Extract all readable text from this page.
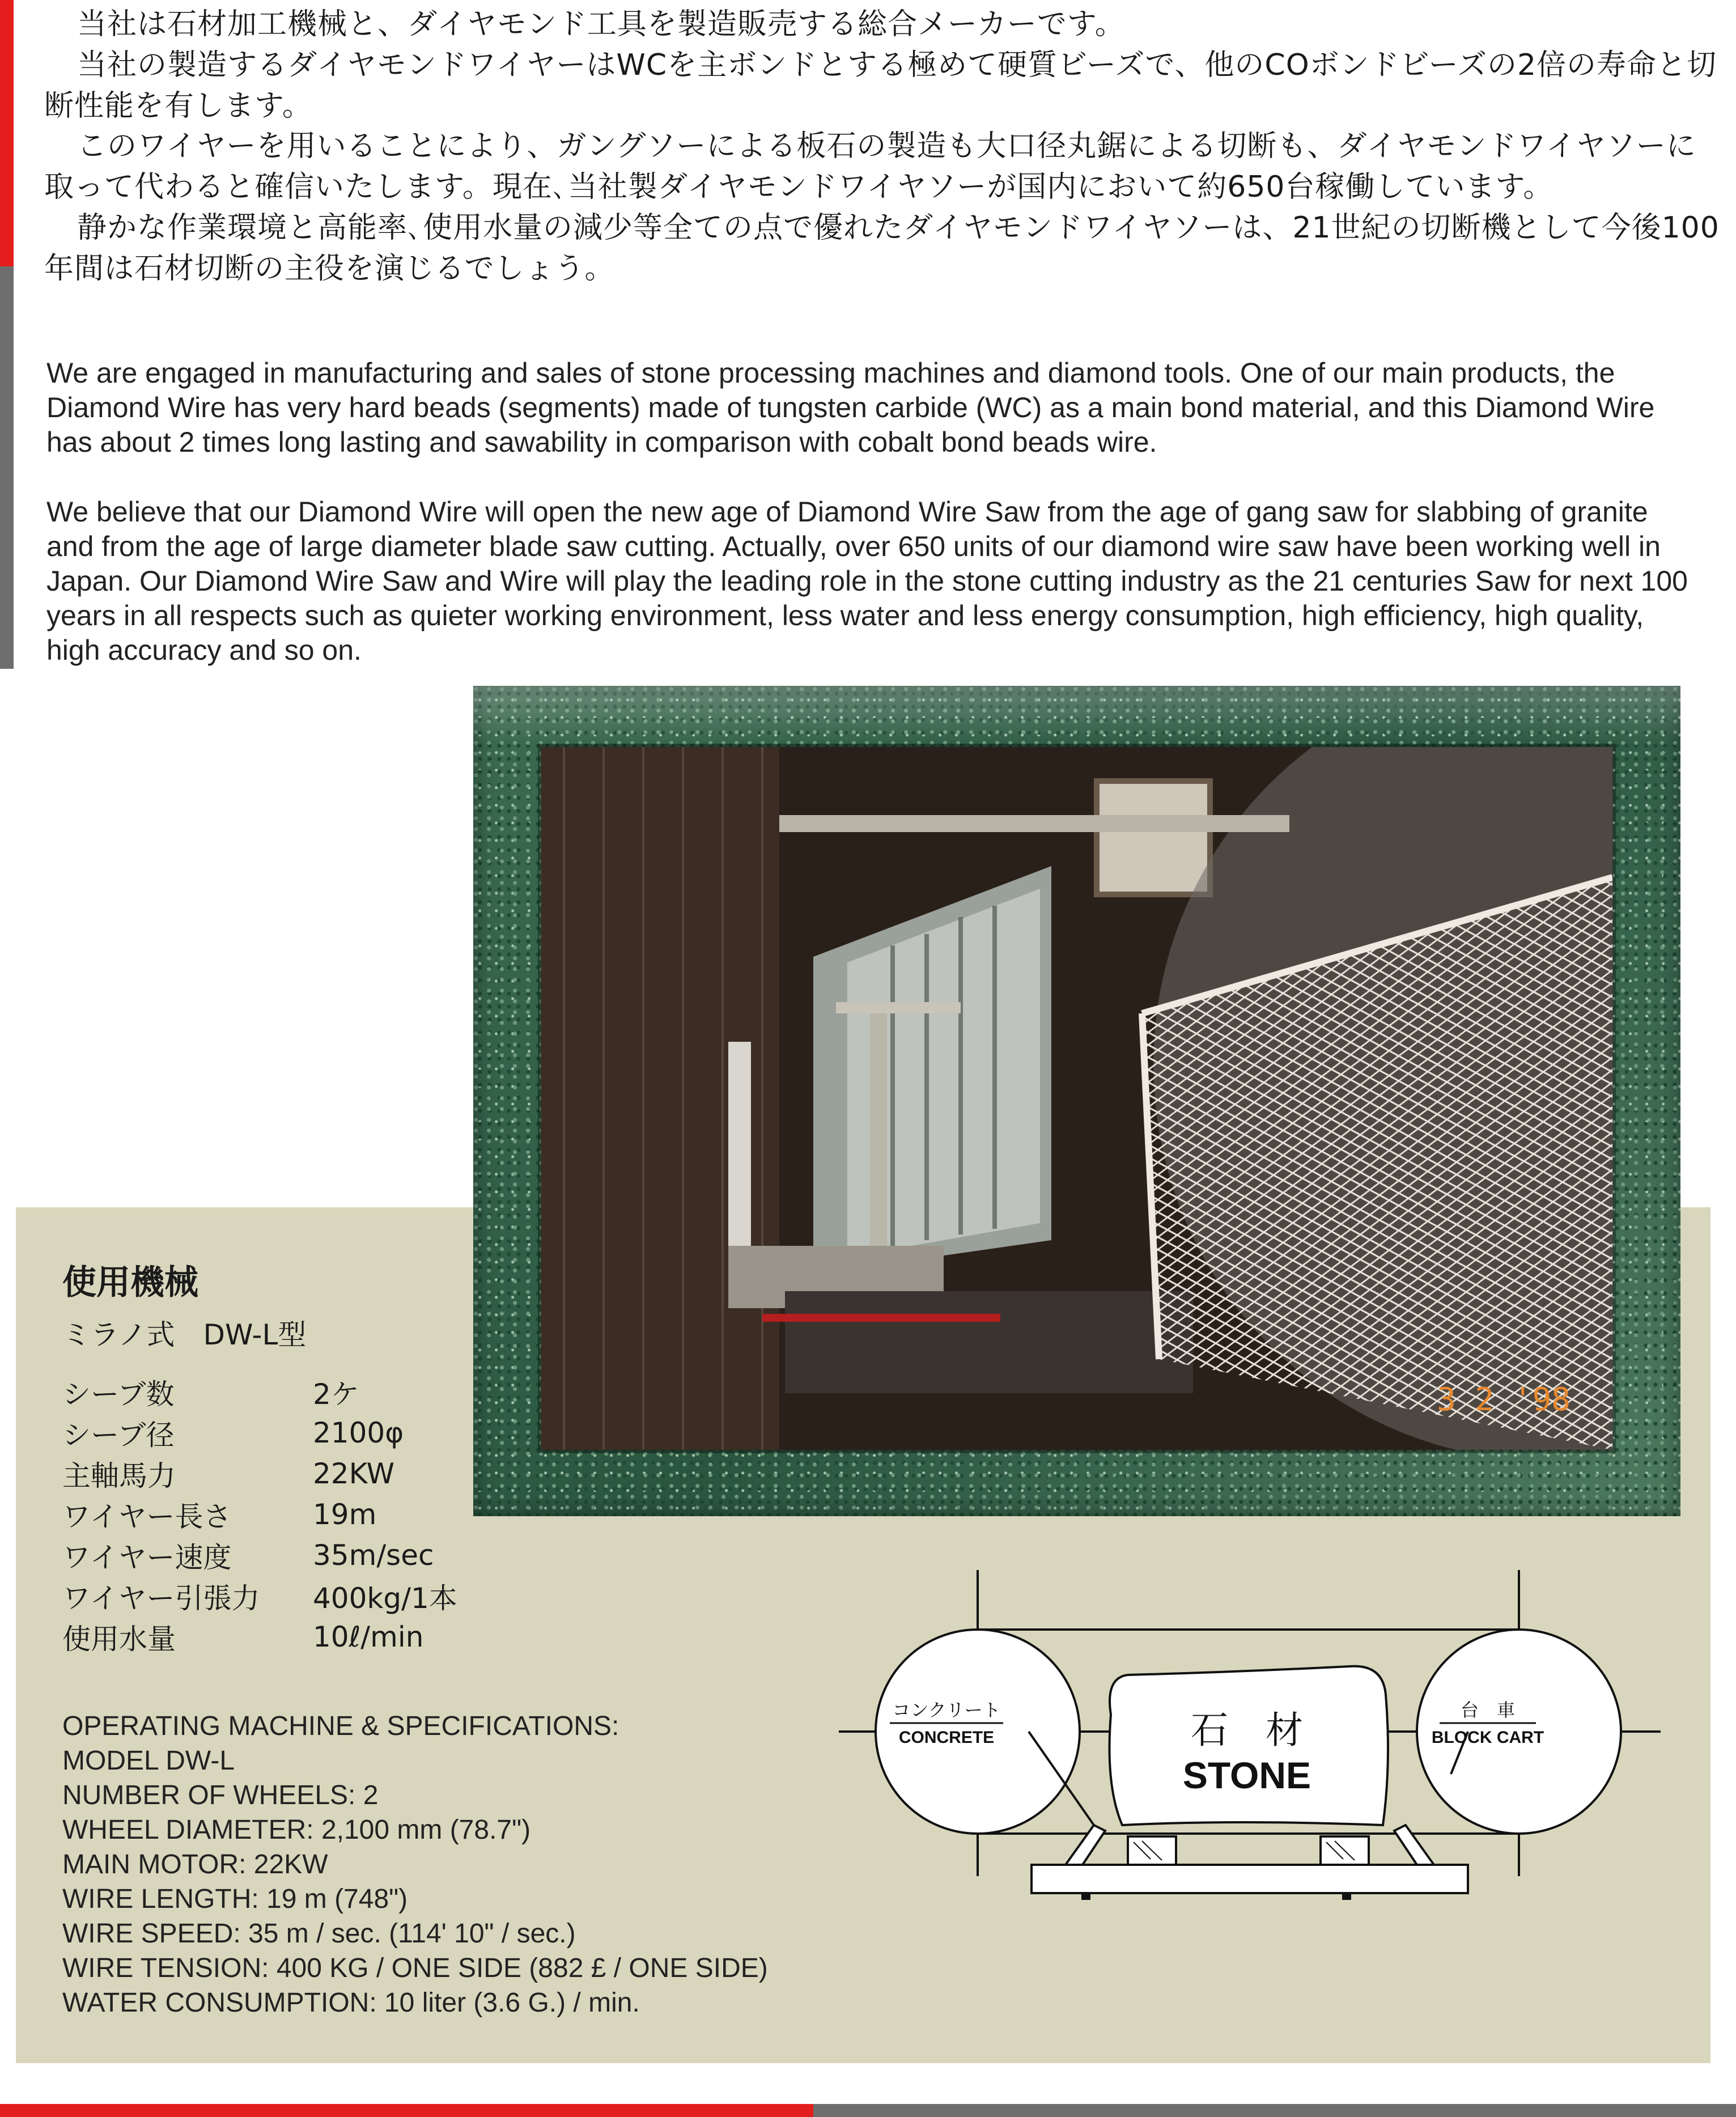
当社は石材加工機械と、ダイヤモンド工具を製造販売する総合メーカーです。

当社の製造するダイヤモンドワイヤーはWCを主ボンドとする極めて硬質ビーズで、他のCOボンドビーズの2倍の寿命と切断性能を有します。

このワイヤーを用いることにより、ガングソーによる板石の製造も大口径丸鋸による切断も、ダイヤモンドワイヤソーに取って代わると確信いたします。現在､当社製ダイヤモンドワイヤソーが国内において約650台稼働しています。

静かな作業環境と高能率､使用水量の減少等全ての点で優れたダイヤモンドワイヤソーは、21世紀の切断機として今後100年間は石材切断の主役を演じるでしょう。

We are engaged in manufacturing and sales of stone processing machines and diamond tools. One of our main products, the Diamond Wire has very hard beads (segments) made of tungsten carbide (WC) as a main bond material, and this Diamond Wire has about 2 times long lasting and sawability in comparison with cobalt bond beads wire.

We believe that our Diamond Wire will open the new age of Diamond Wire Saw from the age of gang saw for slabbing of granite and from the age of large diameter blade saw cutting. Actually, over 650 units of our diamond wire saw have been working well in Japan. Our Diamond Wire Saw and Wire will play the leading role in the stone cutting industry as the 21 centuries Saw for next 100 years in all respects such as quieter working environment, less water and less energy consumption, high efficiency, high quality, high accuracy and so on.

3 2 '98
使用機械

ミラノ式　DW-L型

シーブ数	2ケ
シーブ径	2100φ
主軸馬力	22KW
ワイヤー長さ	19m
ワイヤー速度	35m/sec
ワイヤー引張力	400kg/1本
使用水量	10ℓ/min
OPERATING MACHINE & SPECIFICATIONS:
MODEL DW-L
NUMBER OF WHEELS: 2
WHEEL DIAMETER: 2,100 mm (78.7")
MAIN MOTOR: 22KW
WIRE LENGTH: 19 m (748")
WIRE SPEED: 35 m / sec. (114' 10" / sec.)
WIRE TENSION: 400 KG / ONE SIDE (882 £ / ONE SIDE)
WATER CONSUMPTION: 10 liter (3.6 G.) / min.
石　材
STONE
コンクリート
CONCRETE
台　車
BLOCK CART
